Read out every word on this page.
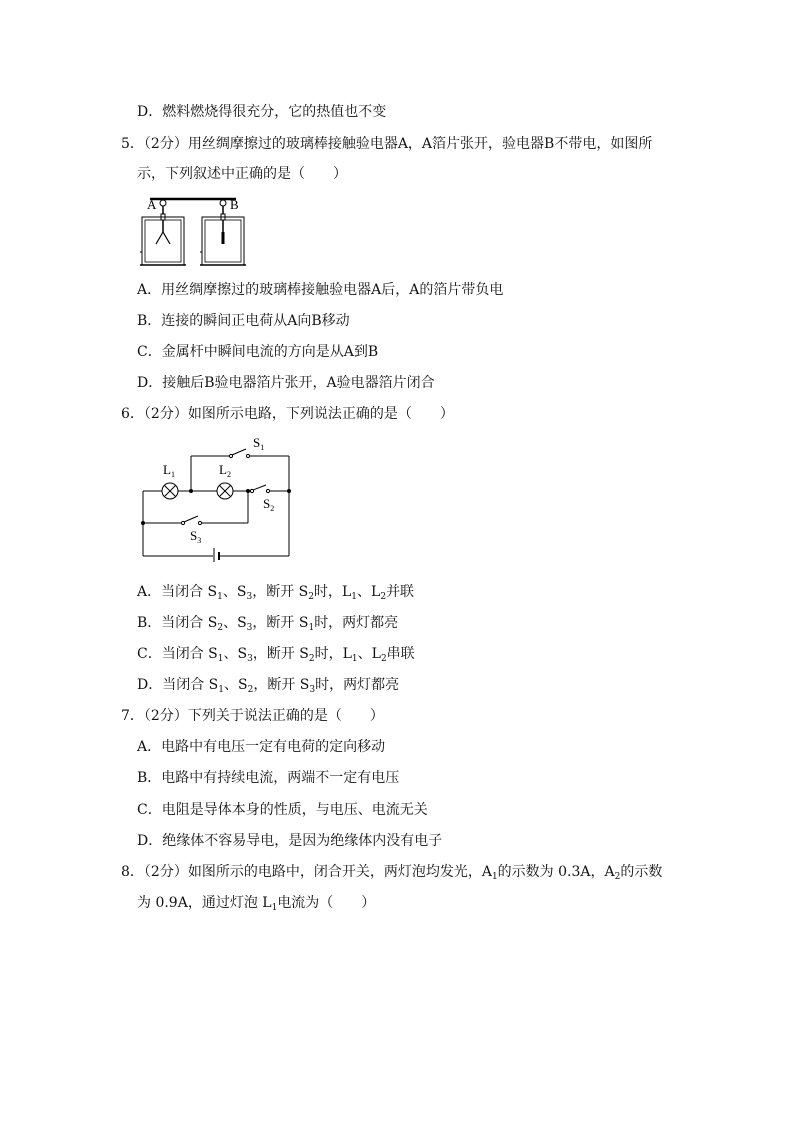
D．燃料燃烧得很充分，它的热值也不变
5．（2分）用丝绸摩擦过的玻璃棒接触验电器A，A箔片张开，验电器B不带电，如图所
示，下列叙述中正确的是（　　）
A	B
A．用丝绸摩擦过的玻璃棒接触验电器A后，A的箔片带负电
B．连接的瞬间正电荷从A向B移动
C．金属杆中瞬间电流的方向是从A到B
D．接触后B验电器箔片张开，A验电器箔片闭合
6．（2分）如图所示电路，下列说法正确的是（　　）
$L_1$	$L_2$
$S_1$
$S_2$
$S_3$
A．当闭合 $S_1$、$S_3$，断开 $S_2$时，$L_1$、$L_2$并联
B．当闭合 $S_2$、$S_3$，断开 $S_1$时，两灯都亮
C．当闭合 $S_1$、$S_3$，断开 $S_2$时，$L_1$、$L_2$串联
D．当闭合 $S_1$、$S_2$，断开 $S_3$时，两灯都亮
7．（2分）下列关于说法正确的是（　　）
A．电路中有电压一定有电荷的定向移动
B．电路中有持续电流，两端不一定有电压
C．电阻是导体本身的性质，与电压、电流无关
D．绝缘体不容易导电，是因为绝缘体内没有电子
8．（2分）如图所示的电路中，闭合开关，两灯泡均发光，$A_1$的示数为 0.3A，$A_2$的示数
为 0.9A，通过灯泡 $L_1$电流为（　　）
